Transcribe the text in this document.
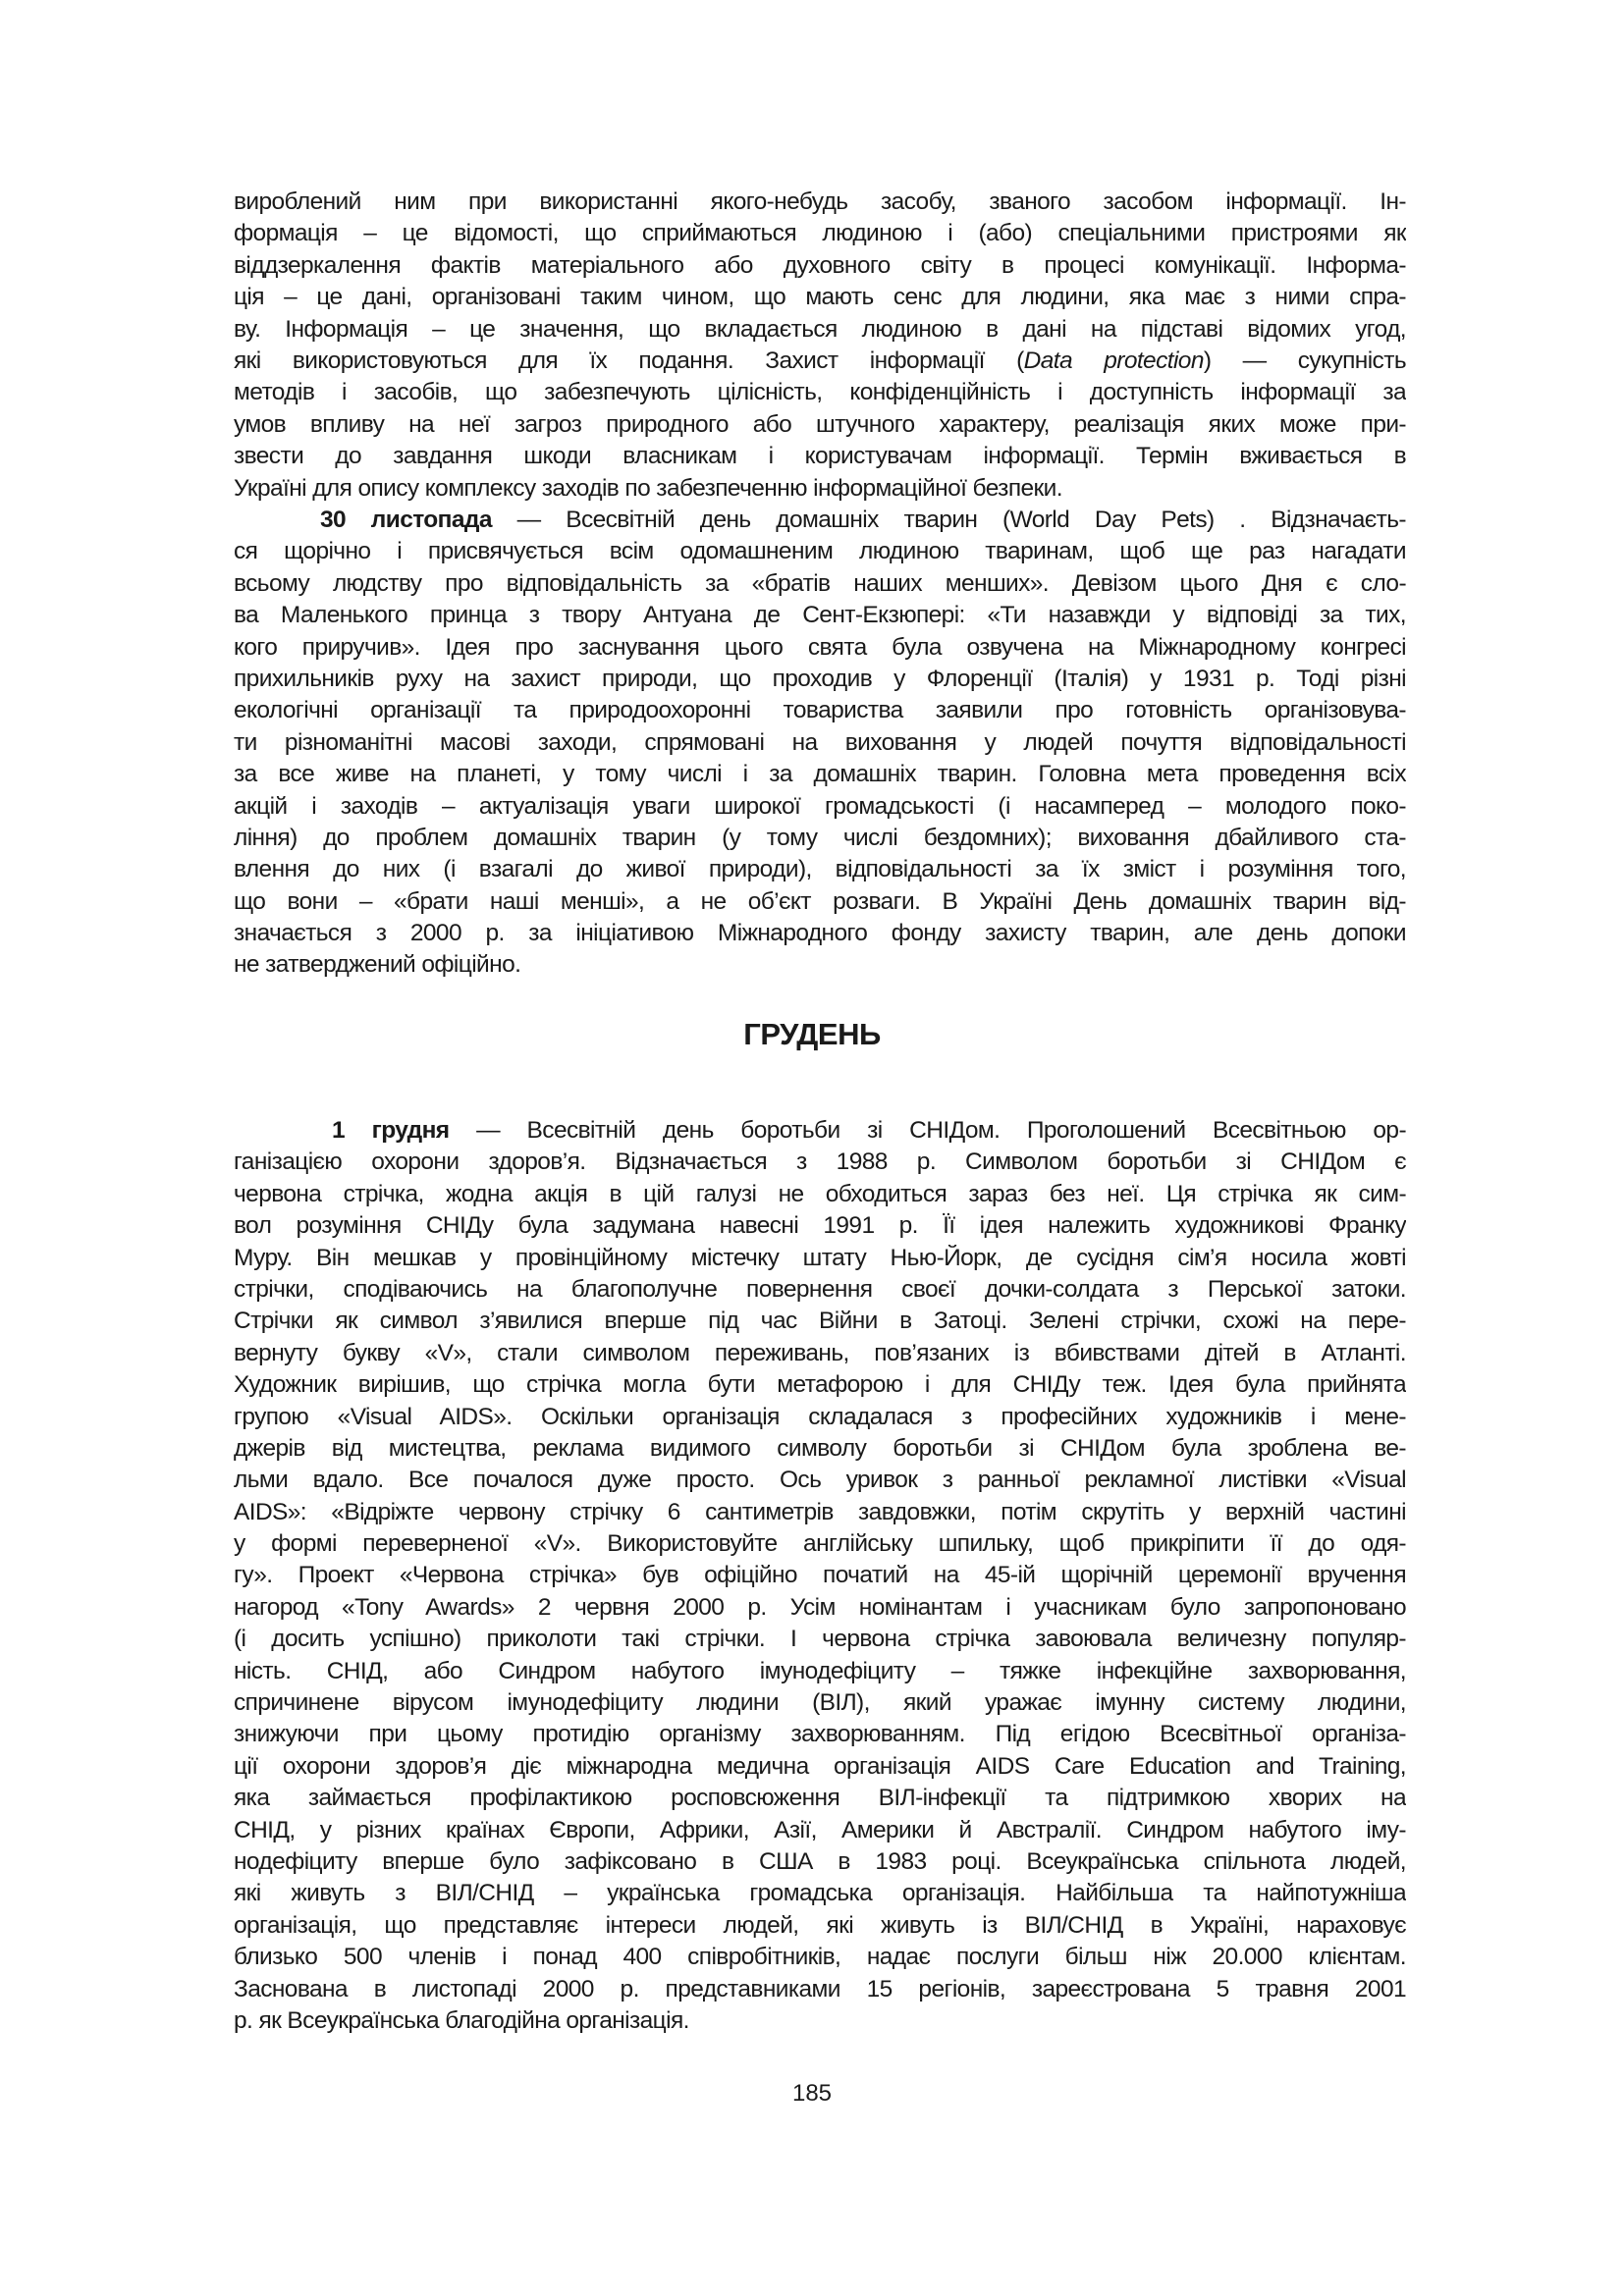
вироблений ним при використанні якого-небудь засобу, званого засобом інформації. Ін-
формація – це відомості, що сприймаються людиною і (або) спеціальними пристроями як
віддзеркалення фактів матеріального або духовного світу в процесі комунікації. Інформа-
ція – це дані, організовані таким чином, що мають сенс для людини, яка має з ними спра-
ву. Інформація – це значення, що вкладається людиною в дані на підставі відомих угод,
які використовуються для їх подання. Захист інформації (Data protection) — сукупність
методів і засобів, що забезпечують цілісність, конфіденційність і доступність інформації за
умов впливу на неї загроз природного або штучного характеру, реалізація яких може при-
звести до завдання шкоди власникам і користувачам інформації. Термін вживається в
Україні для опису комплексу заходів по забезпеченню інформаційної безпеки.
30 листопада — Всесвітній день домашніх тварин (World Day Pets) . Відзначаєть-
ся щорічно і присвячується всім одомашненим людиною тваринам, щоб ще раз нагадати
всьому людству про відповідальність за «братів наших менших». Девізом цього Дня є сло-
ва Маленького принца з твору Антуана де Сент-Екзюпері: «Ти назавжди у відповіді за тих,
кого приручив». Ідея про заснування цього свята була озвучена на Міжнародному конгресі
прихильників руху на захист природи, що проходив у Флоренції (Італія) у 1931 р. Тоді різні
екологічні організації та природоохоронні товариства заявили про готовність організовува-
ти різноманітні масові заходи, спрямовані на виховання у людей почуття відповідальності
за все живе на планеті, у тому числі і за домашніх тварин. Головна мета проведення всіх
акцій і заходів – актуалізація уваги широкої громадськості (і насамперед – молодого поко-
ління) до проблем домашніх тварин (у тому числі бездомних); виховання дбайливого ста-
влення до них (і взагалі до живої природи), відповідальності за їх зміст і розуміння того,
що вони – «брати наші менші», а не об’єкт розваги. В Україні День домашніх тварин від-
значається з 2000 р. за ініціативою Міжнародного фонду захисту тварин, але день допоки
не затверджений офіційно.
ГРУДЕНЬ
1 грудня — Всесвітній день боротьби зі СНІДом. Проголошений Всесвітньою ор-
ганізацією охорони здоров’я. Відзначається з 1988 р. Символом боротьби зі СНІДом є
червона стрічка, жодна акція в цій галузі не обходиться зараз без неї. Ця стрічка як сим-
вол розуміння СНІДу була задумана навесні 1991 р. Її ідея належить художникові Франку
Муру. Він мешкав у провінційному містечку штату Нью-Йорк, де сусідня сім’я носила жовті
стрічки, сподіваючись на благополучне повернення своєї дочки-солдата з Перської затоки.
Стрічки як символ з’явилися вперше під час Війни в Затоці. Зелені стрічки, схожі на пере-
вернуту букву «V», стали символом переживань, пов’язаних із вбивствами дітей в Атланті.
Художник вирішив, що стрічка могла бути метафорою і для СНІДу теж. Ідея була прийнята
групою «Visual AIDS». Оскільки організація складалася з професійних художників і мене-
джерів від мистецтва, реклама видимого символу боротьби зі СНІДом була зроблена ве-
льми вдало. Все почалося дуже просто. Ось уривок з ранньої рекламної листівки «Visual
AIDS»: «Відріжте червону стрічку 6 сантиметрів завдовжки, потім скрутіть у верхній частині
у формі перевернeної «V». Використовуйте англійську шпильку, щоб прикріпити її до одя-
гу». Проект «Червона стрічка» був офіційно початий на 45-ій щорічній церемонії вручення
нагород «Tony Awards» 2 червня 2000 р. Усім номінантам і учасникам було запропоновано
(і досить успішно) приколоти такі стрічки. І червона стрічка завоювала величезну популяр-
ність. СНІД, або Синдром набутого імунодефіциту – тяжке інфекційне захворювання,
спричинене вірусом імунодефіциту людини (ВІЛ), який уражає імунну систему людини,
знижуючи при цьому протидію організму захворюванням. Під егідою Всесвітньої організа-
ції охорони здоров’я діє міжнародна медична організація AIDS Care Education and Training,
яка займається профілактикою росповсюження ВІЛ-інфекції та підтримкою хворих на
СНІД, у різних країнах Європи, Африки, Азії, Америки й Австралії. Синдром набутого іму-
нодефіциту вперше було зафіксовано в США в 1983 році. Всеукраїнська спільнота людей,
які живуть з ВІЛ/СНІД – українська громадська організація. Найбільша та найпотужніша
організація, що представляє інтереси людей, які живуть із ВІЛ/СНІД в Україні, нараховує
близько 500 членів і понад 400 співробітників, надає послуги більш ніж 20.000 клієнтам.
Заснована в листопаді 2000 р. представниками 15 регіонів, зареєстрована 5 травня 2001
р. як Всеукраїнська благодійна організація.
185
